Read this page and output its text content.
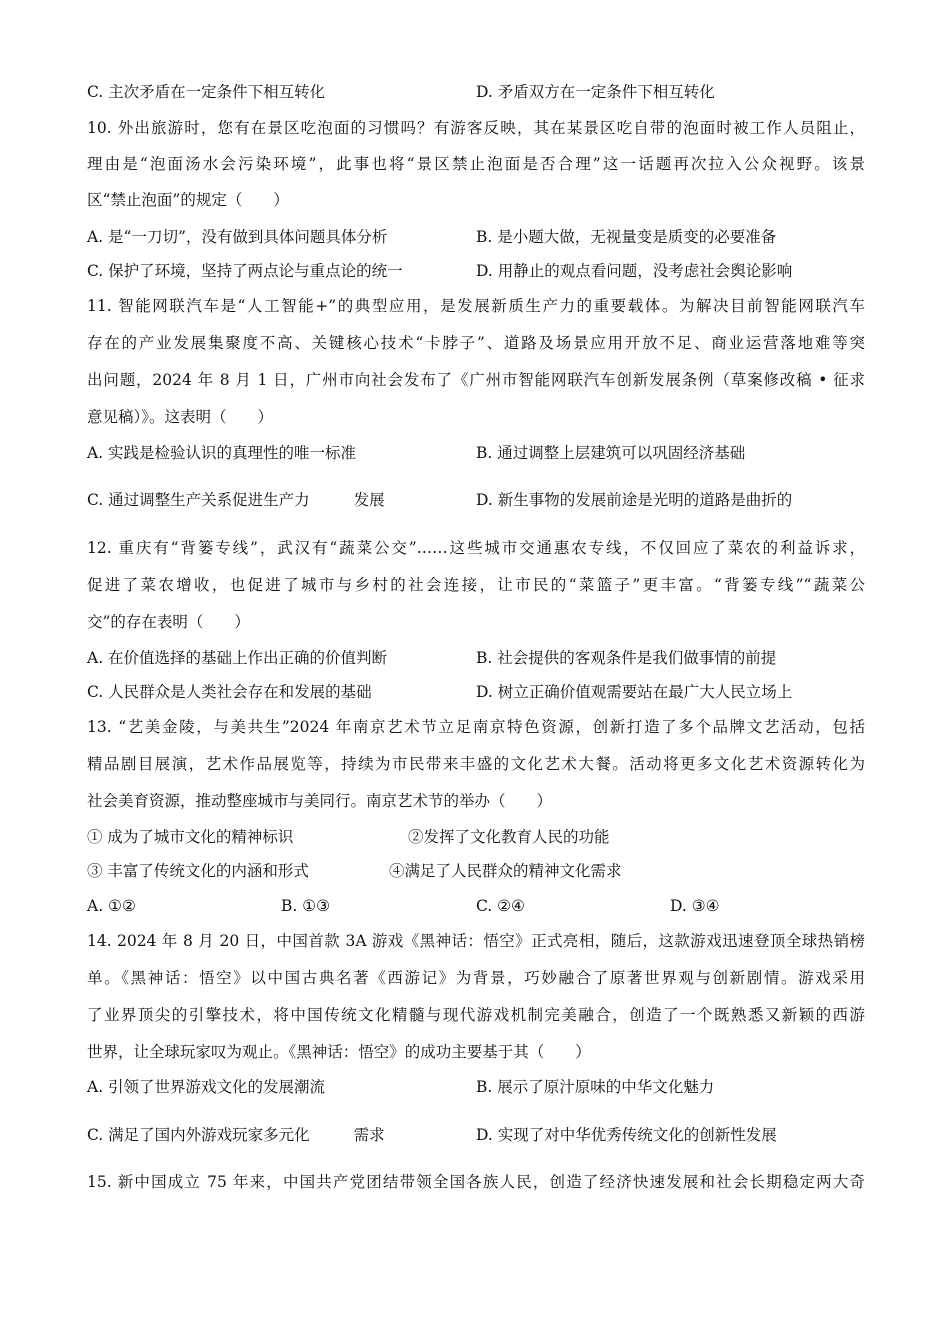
C. 主次矛盾在一定条件下相互转化	D. 矛盾双方在一定条件下相互转化
10. 外出旅游时，您有在景区吃泡面的习惯吗？有游客反映，其在某景区吃自带的泡面时被工作人员阻止，
理由是“泡面汤水会污染环境”，此事也将“景区禁止泡面是否合理”这一话题再次拉入公众视野。该景
区“禁止泡面”的规定（　　）
A. 是“一刀切”，没有做到具体问题具体分析	B. 是小题大做，无视量变是质变的必要准备
C. 保护了环境，坚持了两点论与重点论的统一	D. 用静止的观点看问题，没考虑社会舆论影响
11. 智能网联汽车是“人工智能+”的典型应用，是发展新质生产力的重要载体。为解决目前智能网联汽车
存在的产业发展集聚度不高、关键核心技术“卡脖子”、道路及场景应用开放不足、商业运营落地难等突
出问题，2024 年 8 月 1 日，广州市向社会发布了《广州市智能网联汽车创新发展条例（草案修改稿 • 征求
意见稿）》。这表明（　　）
A. 实践是检验认识的真理性的唯一标准	B. 通过调整上层建筑可以巩固经济基础
C. 通过调整生产关系促进生产力	发展	D. 新生事物的发展前途是光明的道路是曲折的
12. 重庆有“背篓专线”，武汉有“蔬菜公交”……这些城市交通惠农专线，不仅回应了菜农的利益诉求，
促进了菜农增收，也促进了城市与乡村的社会连接，让市民的“菜篮子”更丰富。“背篓专线”“蔬菜公
交”的存在表明（　　）
A. 在价值选择的基础上作出正确的价值判断	B. 社会提供的客观条件是我们做事情的前提
C. 人民群众是人类社会存在和发展的基础	D. 树立正确价值观需要站在最广大人民立场上
13. “艺美金陵，与美共生”2024 年南京艺术节立足南京特色资源，创新打造了多个品牌文艺活动，包括
精品剧目展演，艺术作品展览等，持续为市民带来丰盛的文化艺术大餐。活动将更多文化艺术资源转化为
社会美育资源，推动整座城市与美同行。南京艺术节的举办（　　）
① 成为了城市文化的精神标识	②发挥了文化教育人民的功能
③ 丰富了传统文化的内涵和形式	④满足了人民群众的精神文化需求
A. ①②	B. ①③	C. ②④	D. ③④
14. 2024 年 8 月 20 日，中国首款 3A 游戏《黑神话：悟空》正式亮相，随后，这款游戏迅速登顶全球热销榜
单。《黑神话：悟空》以中国古典名著《西游记》为背景，巧妙融合了原著世界观与创新剧情。游戏采用
了业界顶尖的引擎技术，将中国传统文化精髓与现代游戏机制完美融合，创造了一个既熟悉又新颖的西游
世界，让全球玩家叹为观止。《黑神话：悟空》的成功主要基于其（　　）
A. 引领了世界游戏文化的发展潮流	B. 展示了原汁原味的中华文化魅力
C. 满足了国内外游戏玩家多元化	需求	D. 实现了对中华优秀传统文化的创新性发展
15. 新中国成立 75 年来，中国共产党团结带领全国各族人民，创造了经济快速发展和社会长期稳定两大奇
